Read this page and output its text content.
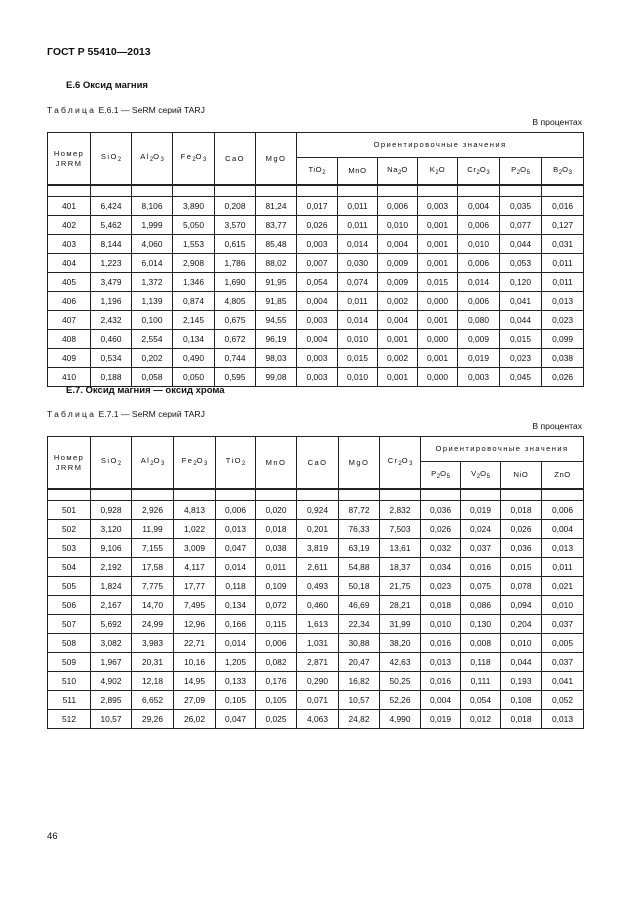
ГОСТ Р 55410—2013
Е.6 Оксид магния
Таблица Е.6.1 — SeRM серий TARJ
В процентах
Номер
JRRM	SiO$_2$	$Al_2O_3$	$Fe_2O_3$	CaO	MgO	Ориентировочные значения						
						TiO$_2$	MnO	$Na_2O$	$K_2O$	$Cr_2O_3$	$P_2O_5$	$B_2O_3$

401	6,424	8,106	3,890	0,208	81,24	0,017	0,011	0,006	0,003	0,004	0,035	0,016
402	5,462	1,999	5,050	3,570	83,77	0,026	0,011	0,010	0,001	0,006	0,077	0,127
403	8,144	4,060	1,553	0,615	85,48	0,003	0,014	0,004	0,001	0,010	0,044	0,031
404	1,223	6,014	2,908	1,786	88,02	0,007	0,030	0,009	0,001	0,006	0,053	0,011
405	3,479	1,372	1,346	1,690	91,95	0,054	0,074	0,009	0,015	0,014	0,120	0,011
406	1,196	1,139	0,874	4,805	91,85	0,004	0,011	0,002	0,000	0,006	0,041	0,013
407	2,432	0,100	2,145	0,675	94,55	0,003	0,014	0,004	0,001	0,080	0,044	0,023
408	0,460	2,554	0,134	0,672	96,19	0,004	0,010	0,001	0,000	0,009	0,015	0,099
409	0,534	0,202	0,490	0,744	98,03	0,003	0,015	0,002	0,001	0,019	0,023	0,038
410	0,188	0,058	0,050	0,595	99,08	0,003	0,010	0,001	0,000	0,003	0,045	0,026
Е.7. Оксид магния — оксид хрома
Таблица Е.7.1 — SeRM серий TARJ
В процентах
Номер
JRRM	SiO$_2$	$Al_2O_3$	$Fe_2O_3$	TiO$_2$	MnO	CaO	MgO	$Cr_2O_3$	Ориентировочные значения			
									$P_2O_5$	$V_2O_5$	NiO	ZnO

501	0,928	2,926	4,813	0,006	0,020	0,924	87,72	2,832	0,036	0,019	0,018	0,006
502	3,120	11,99	1,022	0,013	0,018	0,201	76,33	7,503	0,026	0,024	0,026	0,004
503	9,106	7,155	3,009	0,047	0,038	3,819	63,19	13,61	0,032	0,037	0,036	0,013
504	2,192	17,58	4,117	0,014	0,011	2,611	54,88	18,37	0,034	0,016	0,015	0,011
505	1,824	7,775	17,77	0,118	0,109	0,493	50,18	21,75	0,023	0,075	0,078	0,021
506	2,167	14,70	7,495	0,134	0,072	0,460	46,69	28,21	0,018	0,086	0,094	0,010
507	5,692	24,99	12,96	0,166	0,115	1,613	22,34	31,99	0,010	0,130	0,204	0,037
508	3,082	3,983	22,71	0,014	0,006	1,031	30,88	38,20	0,016	0,008	0,010	0,005
509	1,967	20,31	10,16	1,205	0,082	2,871	20,47	42,63	0,013	0,118	0,044	0,037
510	4,902	12,18	14,95	0,133	0,176	0,290	16,82	50,25	0,016	0,111	0,193	0,041
511	2,895	6,652	27,09	0,105	0,105	0,071	10,57	52,26	0,004	0,054	0,108	0,052
512	10,57	29,26	26,02	0,047	0,025	4,063	24,82	4,990	0,019	0,012	0,018	0,013
46
